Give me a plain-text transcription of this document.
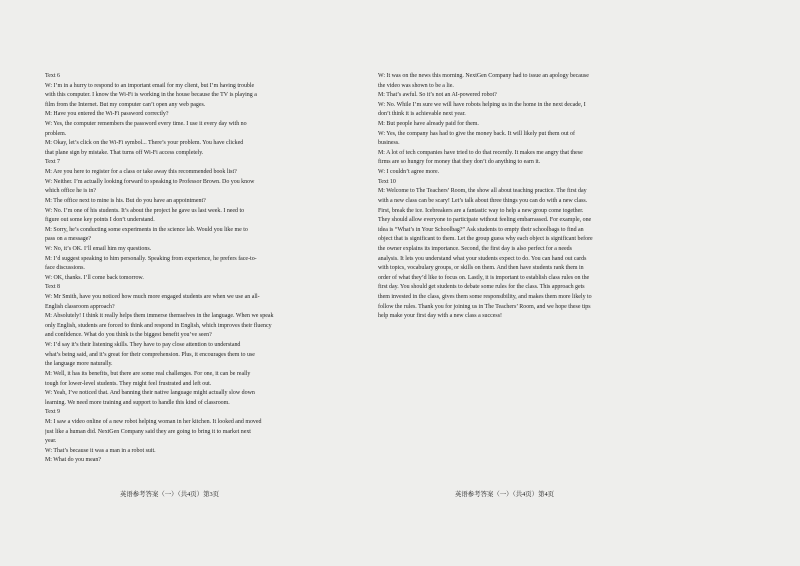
Text 6
W: I’m in a hurry to respond to an important email for my client, but I’m having trouble
with this computer. I know the Wi-Fi is working in the house because the TV is playing a
film from the Internet. But my computer can’t open any web pages.
M: Have you entered the Wi-Fi password correctly?
W: Yes, the computer remembers the password every time. I use it every day with no
problem.
M: Okay, let’s click on the Wi-Fi symbol... There’s your problem. You have clicked
that plane sign by mistake. That turns off Wi-Fi access completely.
Text 7
M: Are you here to register for a class or take away this recommended book list?
W: Neither. I’m actually looking forward to speaking to Professor Brown. Do you know
which office he is in?
M: The office next to mine is his. But do you have an appointment?
W: No. I’m one of his students. It’s about the project he gave us last week. I need to
figure out some key points I don’t understand.
M: Sorry, he’s conducting some experiments in the science lab. Would you like me to
pass on a message?
W: No, it’s OK. I’ll email him my questions.
M: I’d suggest speaking to him personally. Speaking from experience, he prefers face-to-
face discussions.
W: OK, thanks. I’ll come back tomorrow.
Text 8
W: Mr Smith, have you noticed how much more engaged students are when we use an all-
English classroom approach?
M: Absolutely! I think it really helps them immerse themselves in the language. When we speak
only English, students are forced to think and respond in English, which improves their fluency
and confidence. What do you think is the biggest benefit you’ve seen?
W: I’d say it’s their listening skills. They have to pay close attention to understand
what’s being said, and it’s great for their comprehension. Plus, it encourages them to use
the language more naturally.
M: Well, it has its benefits, but there are some real challenges. For one, it can be really
tough for lower-level students. They might feel frustrated and left out.
W: Yeah, I’ve noticed that. And banning their native language might actually slow down
learning. We need more training and support to handle this kind of classroom.
Text 9
M: I saw a video online of a new robot helping woman in her kitchen. It looked and moved
just like a human did. NextGen Company said they are going to bring it to market next
year.
W: That’s because it was a man in a robot suit.
M: What do you mean?
W: It was on the news this morning. NextGen Company had to issue an apology because
the video was shown to be a lie.
M: That’s awful. So it’s not an AI-powered robot?
W: No. While I’m sure we will have robots helping us in the home in the next decade, I
don’t think it is achievable next year.
M: But people have already paid for them.
W: Yes, the company has had to give the money back. It will likely put them out of
business.
M: A lot of tech companies have tried to do that recently. It makes me angry that these
firms are so hungry for money that they don’t do anything to earn it.
W: I couldn’t agree more.
Text 10
M: Welcome to The Teachers’ Room, the show all about teaching practice. The first day
with a new class can be scary! Let’s talk about three things you can do with a new class.
First, break the ice. Icebreakers are a fantastic way to help a new group come together.
They should allow everyone to participate without feeling embarrassed. For example, one
idea is “What’s in Your Schoolbag?” Ask students to empty their schoolbags to find an
object that is significant to them. Let the group guess why each object is significant before
the owner explains its importance. Second, the first day is also perfect for a needs
analysis. It lets you understand what your students expect to do. You can hand out cards
with topics, vocabulary groups, or skills on them. And then have students rank them in
order of what they’d like to focus on. Lastly, it is important to establish class rules on the
first day. You should get students to debate some rules for the class. This approach gets
them invested in the class, gives them some responsibility, and makes them more likely to
follow the rules. Thank you for joining us in The Teachers’ Room, and we hope these tips
help make your first day with a new class a success!
英语参考答案（一）（共4页）第3页	英语参考答案（一）（共4页）第4页
